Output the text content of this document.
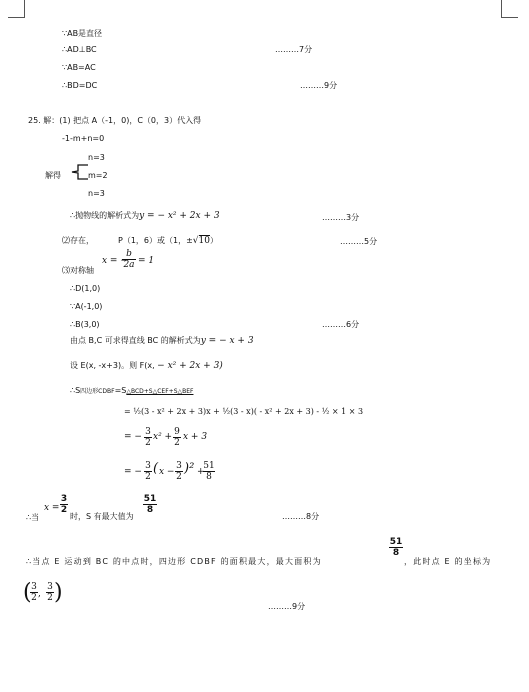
∵AB是直径
∴AD⊥BC	………7分
∵AB=AC
∴BD=DC	………9分
25. 解：(1) 把点 A（-1，0)，C（0，3）代入得
-1-m+n=0
n=3
解得	m=2
n=3
∴抛物线的解析式为y = − x² + 2x + 3	………3分
⑵存在，	P（1，6）或（1，±√10）	………5分
⑶对称轴
x = −
$\frac{b}{2a} = 1$
∴D(1,0)
∵A(-1,0)
∴B(3,0)	………6分
由点 B,C 可求得直线 BC 的解析式为y = − x + 3
设 E(x, -x+3)。则 F(x, − x² + 2x + 3)
∴S四边形CDBF=S△BCD+S△CEF+S△BEF
= ½(3 - x² + 2x + 3)x + ½(3 - x)( - x² + 2x + 3) - ½ × 1 × 3
= − $\frac{3}{2} x^2 + \frac{9}{2}$ x + 3
= − $\frac{3}{2}$ ( $x - \frac{3}{2} )^2$ +
$\frac{51}{8}$
∴当
$x = \frac{3}{2}$
时，S 有最大值为
$\frac{51}{8}$
………8分
∴当点 E 运动到 BC 的中点时，四边形 CDBF 的面积最大，最大面积为
$\frac{51}{8}$
，此时点 E 的坐标为
(
$\frac{3}{2}$ , $\frac{3}{2}$ )
………9分
